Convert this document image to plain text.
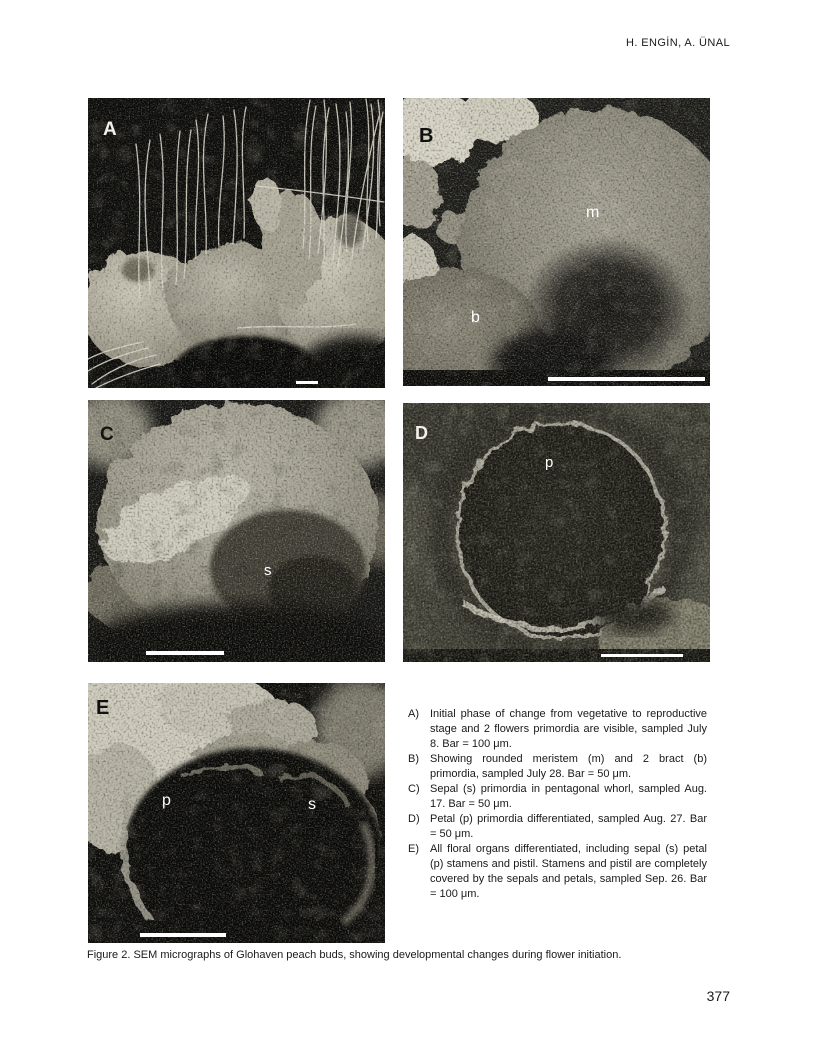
H. ENGİN, A. ÜNAL
A	B
m
b
C
s
D
p
E
p	s
A)	Initial phase of change from vegetative to reproductive stage and 2 flowers primordia are visible, sampled July 8. Bar = 100 μm.
B)	Showing rounded meristem (m) and 2 bract (b) primordia, sampled July 28. Bar = 50 μm.
C) Sepal (s) primordia in pentagonal whorl, sampled Aug. 17. Bar = 50 μm.
D) Petal (p) primordia differentiated, sampled Aug. 27. Bar = 50 μm.
E)	All floral organs differentiated, including sepal (s) petal (p) stamens and pistil. Stamens and pistil are completely covered by the sepals and petals, sampled Sep. 26. Bar = 100 μm.
Figure 2. SEM micrographs of Glohaven peach buds, showing developmental changes during flower initiation.
377
